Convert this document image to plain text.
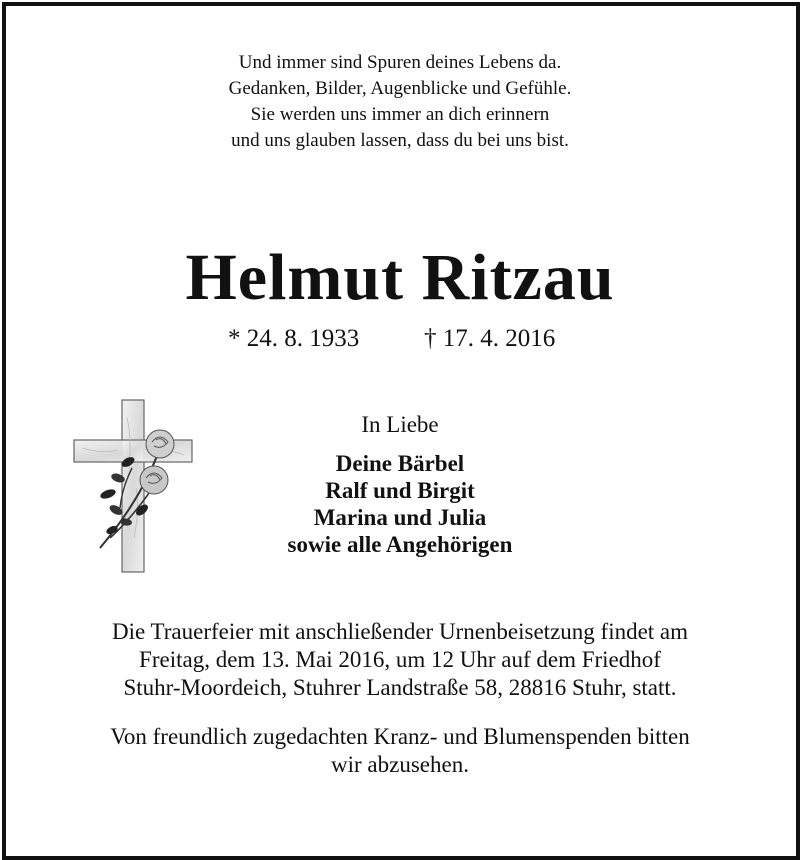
Und immer sind Spuren deines Lebens da.
Gedanken, Bilder, Augenblicke und Gefühle.
Sie werden uns immer an dich erinnern
und uns glauben lassen, dass du bei uns bist.
Helmut Ritzau
* 24. 8. 1933	† 17. 4. 2016
In Liebe
Deine Bärbel
Ralf und Birgit
Marina und Julia
sowie alle Angehörigen
Die Trauerfeier mit anschließender Urnenbeisetzung findet am
Freitag, dem 13. Mai 2016, um 12 Uhr auf dem Friedhof
Stuhr-Moordeich, Stuhrer Landstraße 58, 28816 Stuhr, statt.
Von freundlich zugedachten Kranz- und Blumenspenden bitten
wir abzusehen.
